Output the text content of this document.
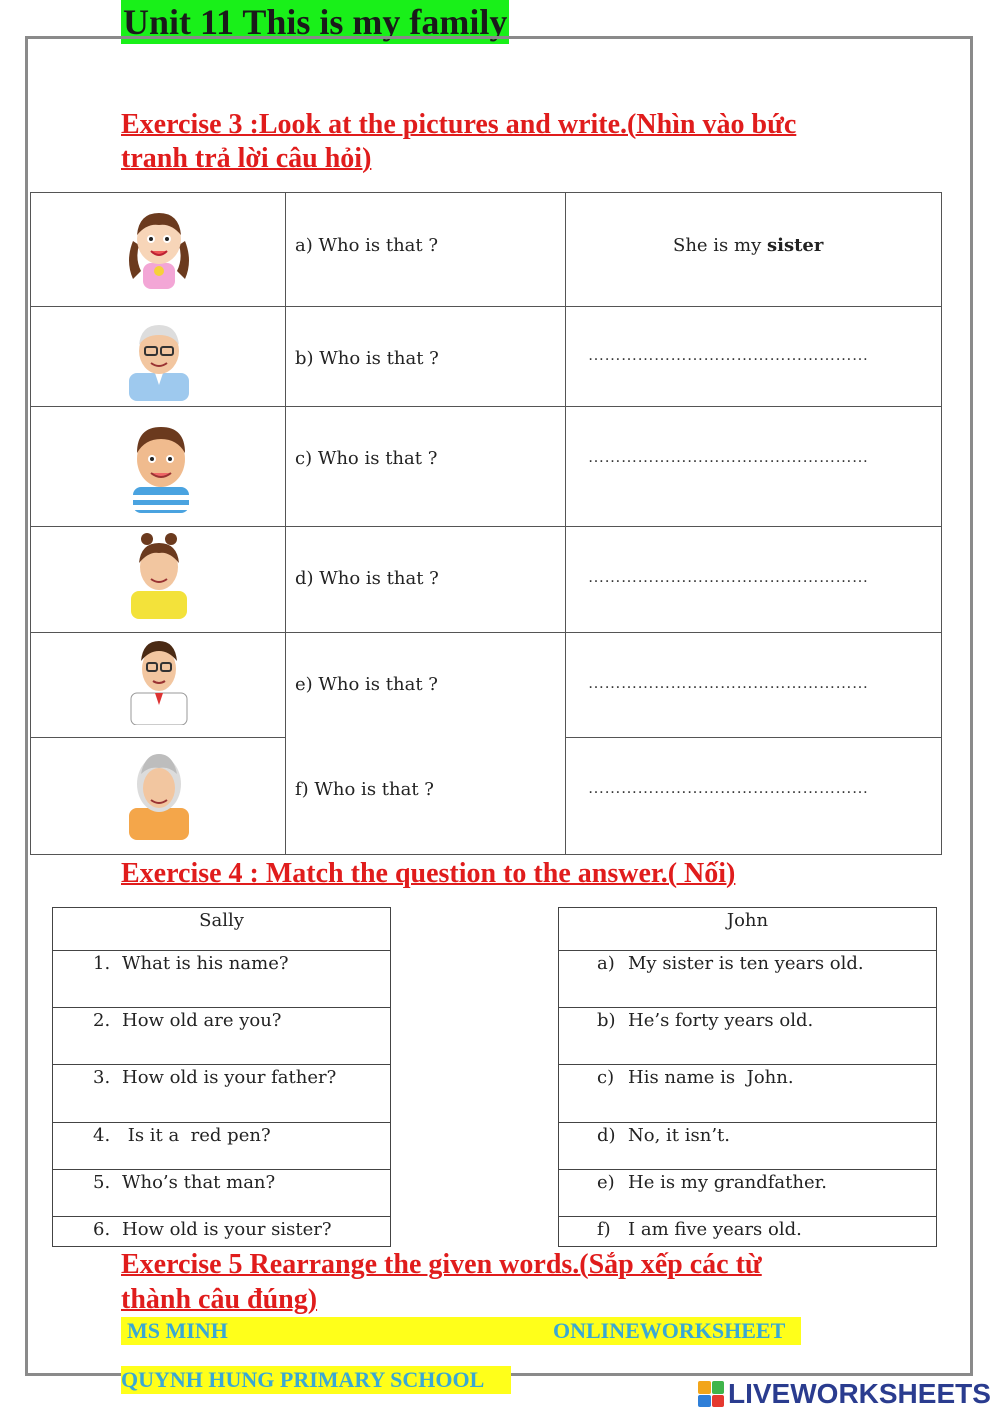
Unit 11 This is my family
Exercise 3 :Look at the pictures and write.(Nhìn vào bức
tranh trả lời câu hỏi)
a) Who is that ?
b) Who is that ?
c) Who is that ?
d) Who is that ?
e) Who is that ?
f) Who is that ?
She is my sister
……………………………………………
……………………………………………
……………………………………………
……………………………………………
……………………………………………
Exercise 4 : Match the question to the answer.( Nối)
Sally
1. What is his name?
2. How old are you?
3. How old is your father?
4. Is it a  red pen?
5. Who’s that man?
6. How old is your sister?
John
a) My sister is ten years old.
b) He’s forty years old.
c) His name is  John.
d) No, it isn’t.
e) He is my grandfather.
f) I am five years old.
Exercise 5 Rearrange the given words.(Sắp xếp các từ
thành câu đúng)
MS MINH	ONLINEWORKSHEET
QUYNH HUNG PRIMARY SCHOOL	LIVEWORKSHEETS
